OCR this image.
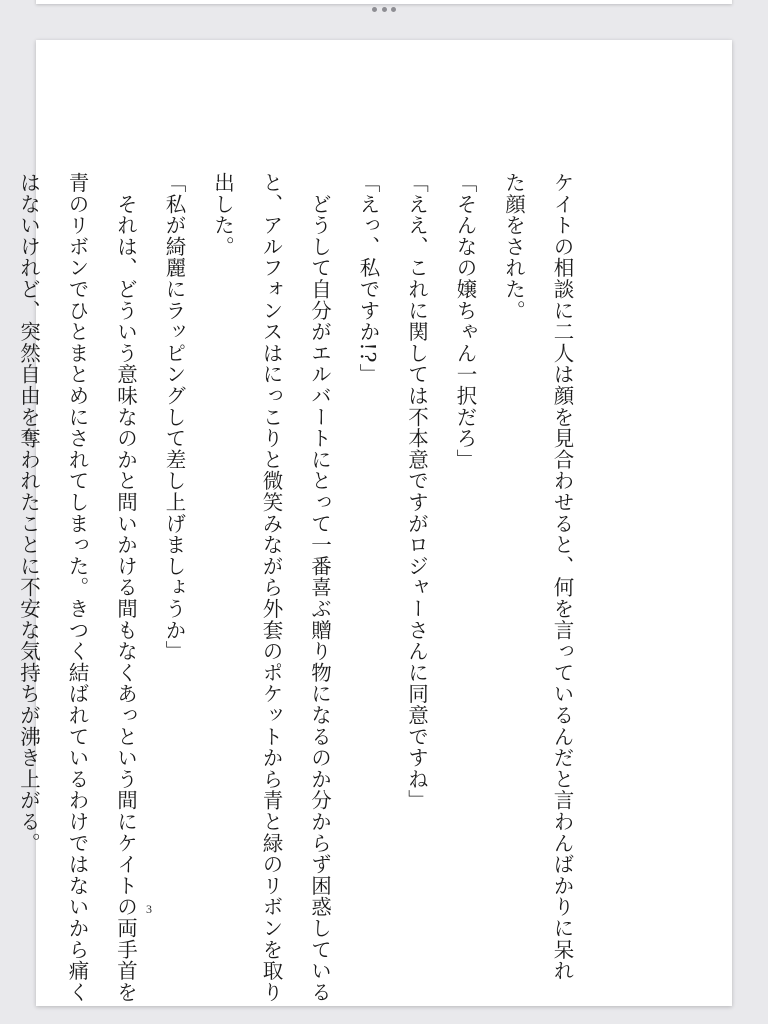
ケイトの相談に二人は顔を見合わせると、何を言っているんだと言わんばかりに呆れ

た顔をされた。

「そんなの嬢ちゃん一択だろ」

「ええ、これに関しては不本意ですがロジャーさんに同意ですね」

「えっ、私ですか!?」

　どうして自分がエルバートにとって一番喜ぶ贈り物になるのか分からず困惑している

と、アルフォンスはにっこりと微笑みながら外套のポケットから青と緑のリボンを取り

出した。

「私が綺麗にラッピングして差し上げましょうか」

　それは、どういう意味なのかと問いかける間もなくあっという間にケイトの両手首を

青のリボンでひとまとめにされてしまった。きつく結ばれているわけではないから痛く

はないけれど、突然自由を奪われたことに不安な気持ちが沸き上がる。

3
